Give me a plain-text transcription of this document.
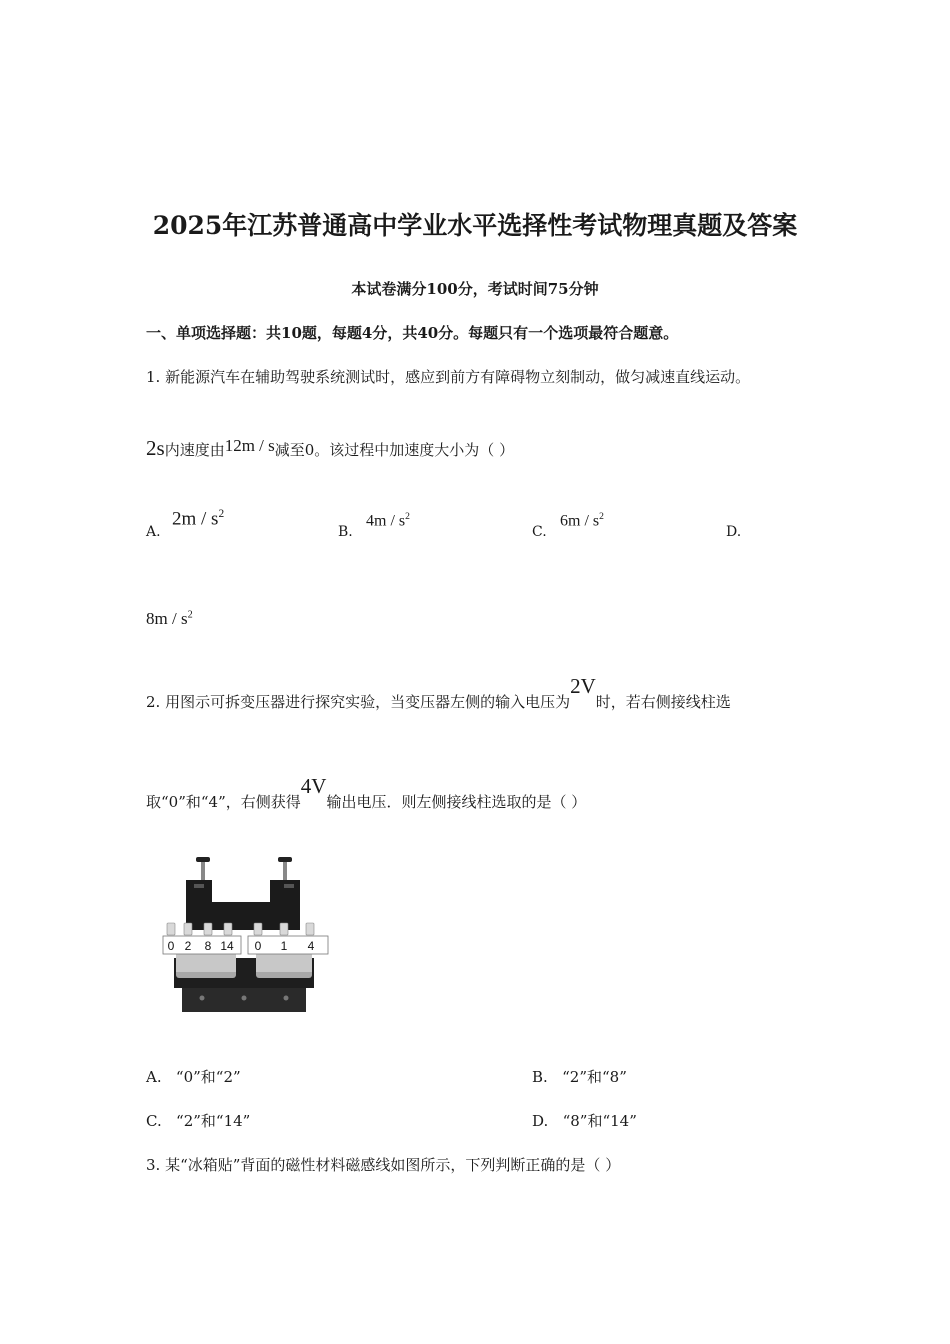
2025年江苏普通高中学业水平选择性考试物理真题及答案
本试卷满分100分，考试时间75分钟
一、单项选择题：共10题，每题4分，共40分。每题只有一个选项最符合题意。
1. 新能源汽车在辅助驾驶系统测试时，感应到前方有障碍物立刻制动，做匀减速直线运动。
2s内速度由12m / s减至0。该过程中加速度大小为（ ）
A.
$2m / s^2$
B.
$4m / s^2$
C.
$6m / s^2$
D.
$8m / s^2$
2. 用图示可拆变压器进行探究实验，当变压器左侧的输入电压为2V时，若右侧接线柱选
取“0”和“4”，右侧获得4V输出电压．则左侧接线柱选取的是（ ）
0 2 8 14 0 1 4
A. “0”和“2”	B. “2”和“8”
C. “2”和“14”	D. “8”和“14”
3. 某“冰箱贴”背面的磁性材料磁感线如图所示，下列判断正确的是（ ）
